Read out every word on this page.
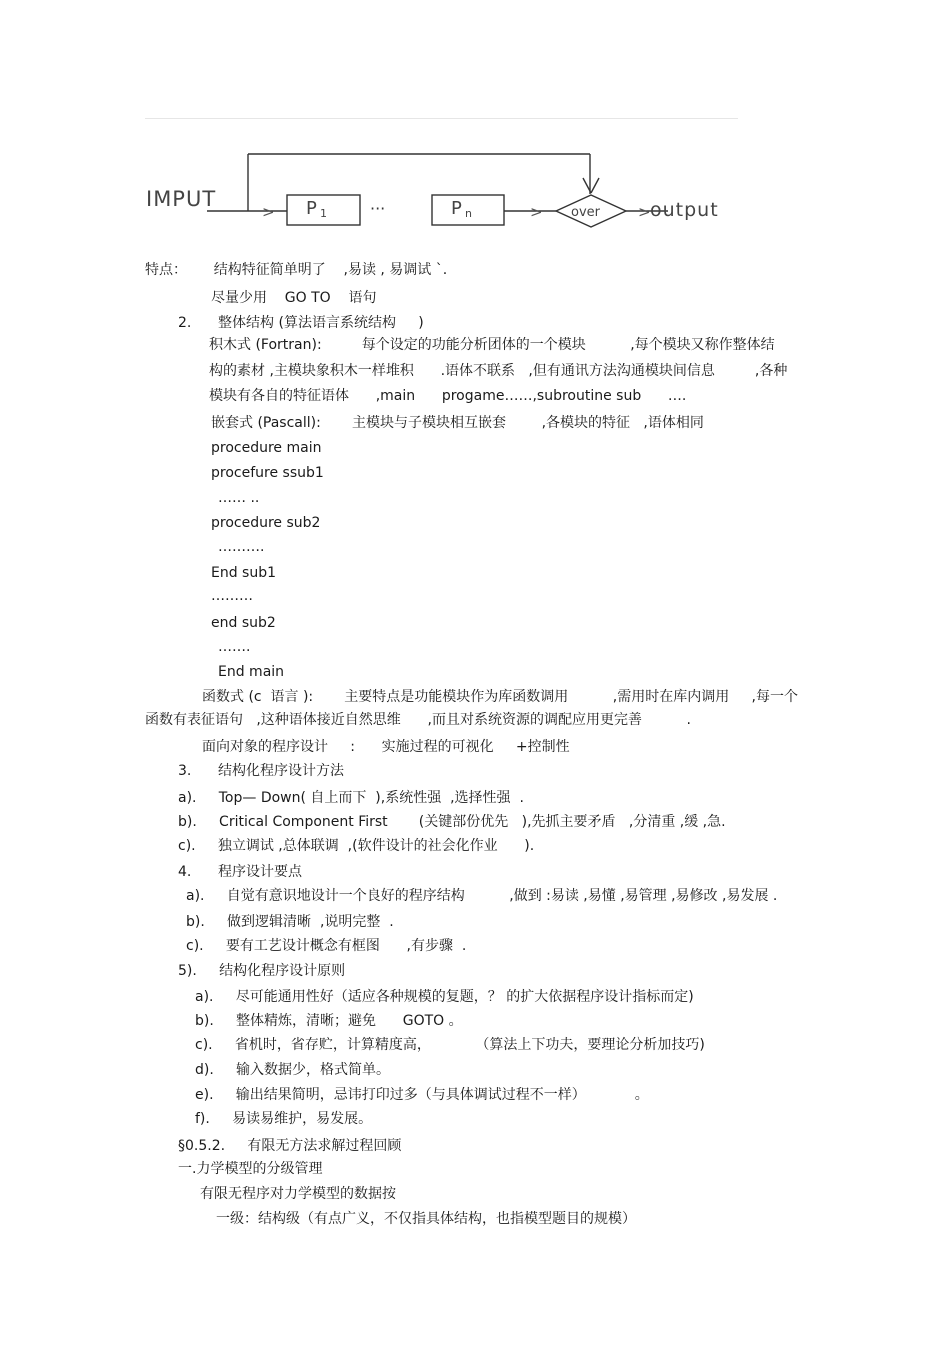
IMPUT
> P 1	···	P n	> over	> output
特点：      结构特征简单明了    ,易读 , 易调试 `.
尽量少用    GO TO    语句
2.      整体结构 (算法语言系统结构     )
积木式 (Fortran):         每个设定的功能分析团体的一个模块          ,每个模块又称作整体结
构的素材 ,主模块象积木一样堆积      .语体不联系   ,但有通讯方法沟通模块间信息         ,各种
模块有各自的特征语体      ,main      progame……,subroutine sub      ….
嵌套式 (Pascall):       主模块与子模块相互嵌套        ,各模块的特征   ,语体相同
procedure main
procefure ssub1
…… ..
procedure sub2
……….
End sub1
………
end sub2
…….
End main
函数式 (c  语言 ):       主要特点是功能模块作为库函数调用          ,需用时在库内调用     ,每一个
函数有表征语句   ,这种语体接近自然思维      ,而且对系统资源的调配应用更完善          .
面向对象的程序设计     :      实施过程的可视化     +控制性
3.      结构化程序设计方法
a).     Top— Down( 自上而下  ),系统性强  ,选择性强  .
b).     Critical Component First       (关键部份优先   ),先抓主要矛盾   ,分清重 ,缓 ,急.
c).     独立调试 ,总体联调  ,(软件设计的社会化作业      ).
4.      程序设计要点
a).     自觉有意识地设计一个良好的程序结构          ,做到 :易读 ,易懂 ,易管理 ,易修改 ,易发展 .
b).     做到逻辑清晰  ,说明完整  .
c).     要有工艺设计概念有框图      ,有步骤  .
5).     结构化程序设计原则
a).     尽可能通用性好（适应各种规模的复题，？ 的扩大依据程序设计指标而定)
b).     整体精炼，清晰；避免      GOTO 。
c).     省机时，省存贮，计算精度高，          （算法上下功夫，要理论分析加技巧)
d).     输入数据少，格式简单。
e).     输出结果简明，忌讳打印过多（与具体调试过程不一样）           。
f).     易读易维护，易发展。
§0.5.2.     有限无方法求解过程回顾
一.力学模型的分级管理
有限无程序对力学模型的数据按
一级：结构级（有点广义，不仅指具体结构，也指模型题目的规模）
